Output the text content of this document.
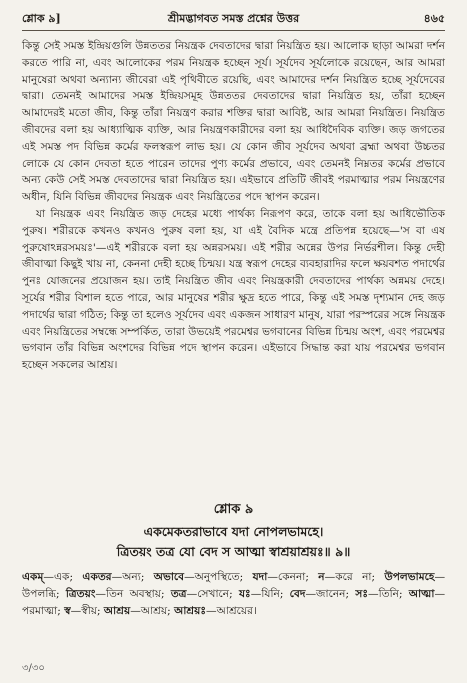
শ্লোক ৯]	শ্রীমদ্ভাগবত সমস্ত প্রশ্নের উত্তর	৪৬৫

কিন্তু সেই সমস্ত ইন্দ্রিয়গুলি উন্নততর নিয়ন্ত্রক দেবতাদের দ্বারা নিয়ন্ত্রিত হয়। আলোক ছাড়া আমরা দর্শন করতে পারি না, এবং আলোকের পরম নিয়ন্ত্রক হচ্ছেন সূর্য। সূর্যদেব সূর্যলোকে রয়েছেন, আর আমরা মানুষেরা অথবা অন্যান্য জীবেরা এই পৃথিবীতে রয়েছি, এবং আমাদের দর্শন নিয়ন্ত্রিত হচ্ছে সূর্যদেবের দ্বারা। তেমনই আমাদের সমস্ত ইন্দ্রিয়সমূহ উন্নততর দেবতাদের দ্বারা নিয়ন্ত্রিত হয়, তাঁরা হচ্ছেন আমাদেরই মতো জীব, কিন্তু তাঁরা নিয়ন্ত্রণ করার শক্তির দ্বারা আবিষ্ট, আর আমরা নিয়ন্ত্রিত। নিয়ন্ত্রিত জীবদের বলা হয় আধ্যাত্মিক ব্যক্তি, আর নিয়ন্ত্রণকারীদের বলা হয় আধিদৈবিক ব্যক্তি। জড় জগতের এই সমস্ত পদ বিভিন্ন কর্মের ফলস্বরূপ লাভ হয়। যে কোন জীব সূর্যদেব অথবা ব্রহ্মা অথবা উচ্চতর লোকে যে কোন দেবতা হতে পারেন তাদের পুণ্য কর্মের প্রভাবে, এবং তেমনই নিম্নতর কর্মের প্রভাবে অন্য কেউ সেই সমস্ত দেবতাদের দ্বারা নিয়ন্ত্রিত হয়। এইভাবে প্রতিটি জীবই পরমাত্মার পরম নিয়ন্ত্রণের অধীন, যিনি বিভিন্ন জীবদের নিয়ন্ত্রক এবং নিয়ন্ত্রিতের পদে স্থাপন করেন।

যা নিয়ন্ত্রক এবং নিয়ন্ত্রিত জড় দেহের মধ্যে পার্থক্য নিরূপণ করে, তাকে বলা হয় আধিভৌতিক পুরুষ। শরীরকে কখনও কখনও পুরুষ বলা হয়, যা এই বৈদিক মন্ত্রে প্রতিপন্ন হয়েছে—'স বা এষ পুরুষোঽন্নরসময়ঃ'—এই শরীরকে বলা হয় অন্নরসময়। এই শরীর অন্নের উপর নির্ভরশীল। কিন্তু দেহী জীবাত্মা কিছুই খায় না, কেননা দেহী হচ্ছে চিন্ময়। যন্ত্র স্বরূপ দেহের ব্যবহারাদির ফলে ক্ষয়বশত পদার্থের পুনঃ যোজনের প্রয়োজন হয়। তাই নিয়ন্ত্রিত জীব এবং নিয়ন্ত্রকারী দেবতাদের পার্থক্য অন্নময় দেহে। সূর্যের শরীর বিশাল হতে পারে, আর মানুষের শরীর ক্ষুদ্র হতে পারে, কিন্তু এই সমস্ত দৃশ্যমান দেহ জড় পদার্থের দ্বারা গঠিত; কিন্তু তা হলেও সূর্যদেব এবং একজন সাধারণ মানুষ, যারা পরস্পরের সঙ্গে নিয়ন্ত্রক এবং নিয়ন্ত্রিতের সম্বন্ধে সম্পর্কিত, তারা উভয়েই পরমেশ্বর ভগবানের বিভিন্ন চিন্ময় অংশ, এবং পরমেশ্বর ভগবান তাঁর বিভিন্ন অংশদের বিভিন্ন পদে স্থাপন করেন। এইভাবে সিদ্ধান্ত করা যায় পরমেশ্বর ভগবান হচ্ছেন সকলের আশ্রয়।

শ্লোক ৯
একমেকতরাভাবে যদা নোপলভামহে।
ত্রিতয়ং তত্র যো বেদ স আত্মা স্বাশ্রয়াশ্রয়ঃ॥ ৯॥
একম্—এক; একতর—অন্য; অভাবে—অনুপস্থিতে; যদা—কেননা; ন—করে না; উপলভামহে—উপলব্ধি; ত্রিতয়ং—তিন অবস্থায়; তত্র—সেখানে; যঃ—যিনি; বেদ—জানেন; সঃ—তিনি; আত্মা—পরমাত্মা; স্ব—স্বীয়; আশ্রয়—আশ্রয়; আশ্রয়ঃ—আশ্রয়ের।
৩/৩০
